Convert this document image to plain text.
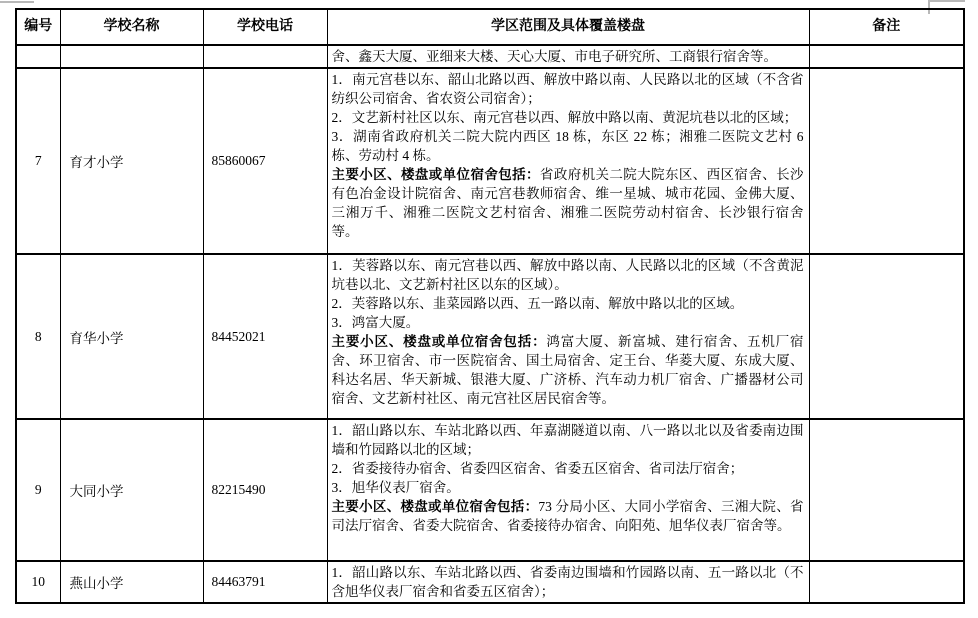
编号	学校名称	学校电话	学区范围及具体覆盖楼盘	备注

			舍、鑫天大厦、亚细来大楼、天心大厦、市电子研究所、工商银行宿舍等。	

7	育才小学	85860067	1．南元宫巷以东、韶山北路以西、解放中路以南、人民路以北的区域（不含省纺织公司宿舍、省农资公司宿舍）；

2．文艺新村社区以东、南元宫巷以西、解放中路以南、黄泥坑巷以北的区域；

3．湖南省政府机关二院大院内西区 18 栋，东区 22 栋；湘雅二医院文艺村 6 栋、劳动村 4 栋。

主要小区、楼盘或单位宿舍包括：省政府机关二院大院东区、西区宿舍、长沙有色冶金设计院宿舍、南元宫巷教师宿舍、维一星城、城市花园、金佛大厦、三湘万千、湘雅二医院文艺村宿舍、湘雅二医院劳动村宿舍、长沙银行宿舍等。	

8	育华小学	84452021	1．芙蓉路以东、南元宫巷以西、解放中路以南、人民路以北的区域（不含黄泥坑巷以北、文艺新村社区以东的区域）。

2．芙蓉路以东、韭菜园路以西、五一路以南、解放中路以北的区域。

3．鸿富大厦。

主要小区、楼盘或单位宿舍包括：鸿富大厦、新富城、建行宿舍、五机厂宿舍、环卫宿舍、市一医院宿舍、国土局宿舍、定王台、华菱大厦、东成大厦、科达名居、华天新城、银港大厦、广济桥、汽车动力机厂宿舍、广播器材公司宿舍、文艺新村社区、南元宫社区居民宿舍等。	

9	大同小学	82215490	1．韶山路以东、车站北路以西、年嘉湖隧道以南、八一路以北以及省委南边围墙和竹园路以北的区域；

2．省委接待办宿舍、省委四区宿舍、省委五区宿舍、省司法厅宿舍；

3．旭华仪表厂宿舍。

主要小区、楼盘或单位宿舍包括：73 分局小区、大同小学宿舍、三湘大院、省司法厅宿舍、省委大院宿舍、省委接待办宿舍、向阳苑、旭华仪表厂宿舍等。	

10	燕山小学	84463791	1．韶山路以东、车站北路以西、省委南边围墙和竹园路以南、五一路以北（不含旭华仪表厂宿舍和省委五区宿舍）；	
